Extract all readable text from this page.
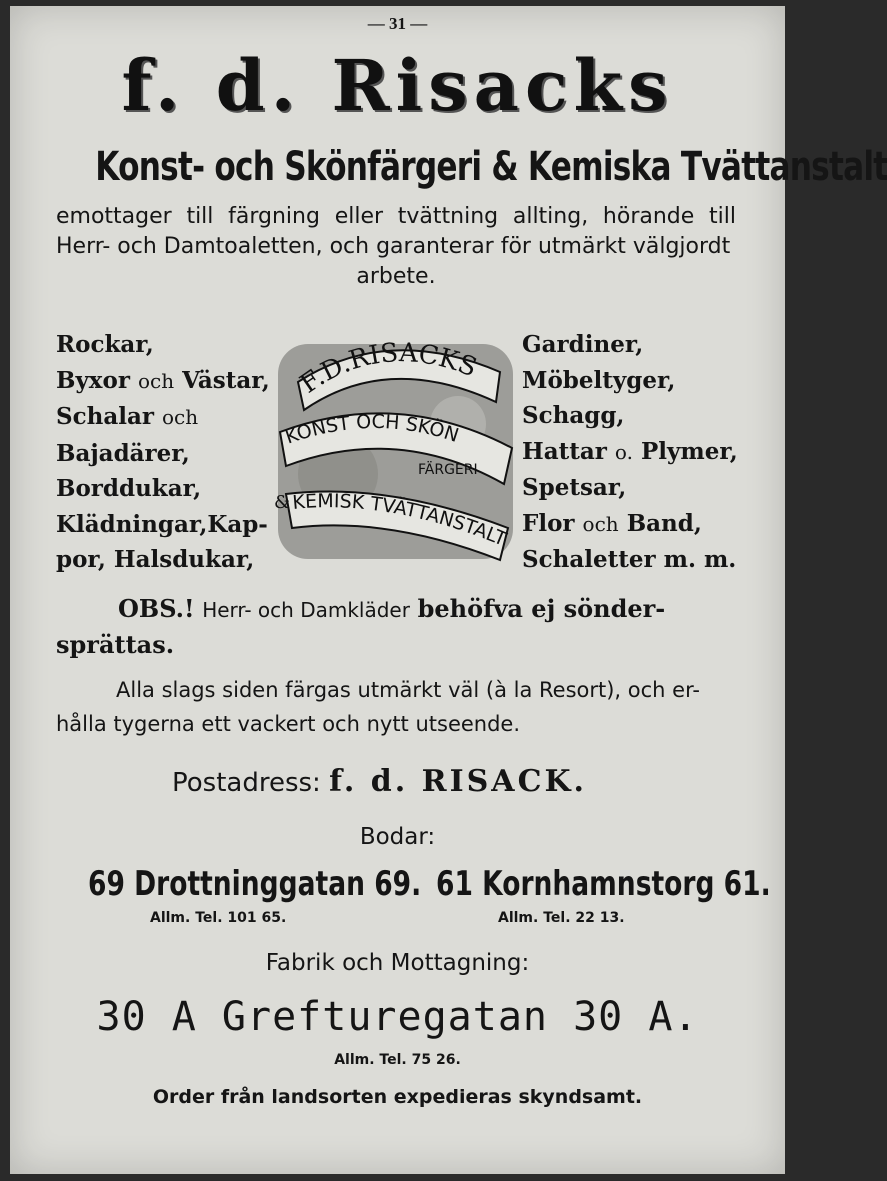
— 31 —
f. d. Risacks
Konst- och Skönfärgeri & Kemiska Tvättanstalt
emottager till färgning eller tvättning allting, hörande till Herr- och Damtoaletten, och garanterar för utmärkt välgjordt
arbete.
Rockar,
Byxor och Västar,
Schalar och
Bajadärer,
Borddukar,
Klädningar,Kap-
por, Halsdukar,
F.D.RISACKS
KONST OCH SKÖN
FÄRGERI
KEMISK TVÄTTANSTALT
&
Gardiner,
Möbeltyger,
Schagg,
Hattar o. Plymer,
Spetsar,
Flor och Band,
Schaletter m. m.
OBS.! Herr- och Damkläder behöfva ej sönder-
sprättas.
Alla slags siden färgas utmärkt väl (à la Resort), och er-
hålla tygerna ett vackert och nytt utseende.
Postadress: f. d. RISACK.
Bodar:
69 Drottninggatan 69. 61 Kornhamnstorg 61.
Allm. Tel. 101 65.	Allm. Tel. 22 13.
Fabrik och Mottagning:
30 A Grefturegatan 30 A.
Allm. Tel. 75 26.
Order från landsorten expedieras skyndsamt.
